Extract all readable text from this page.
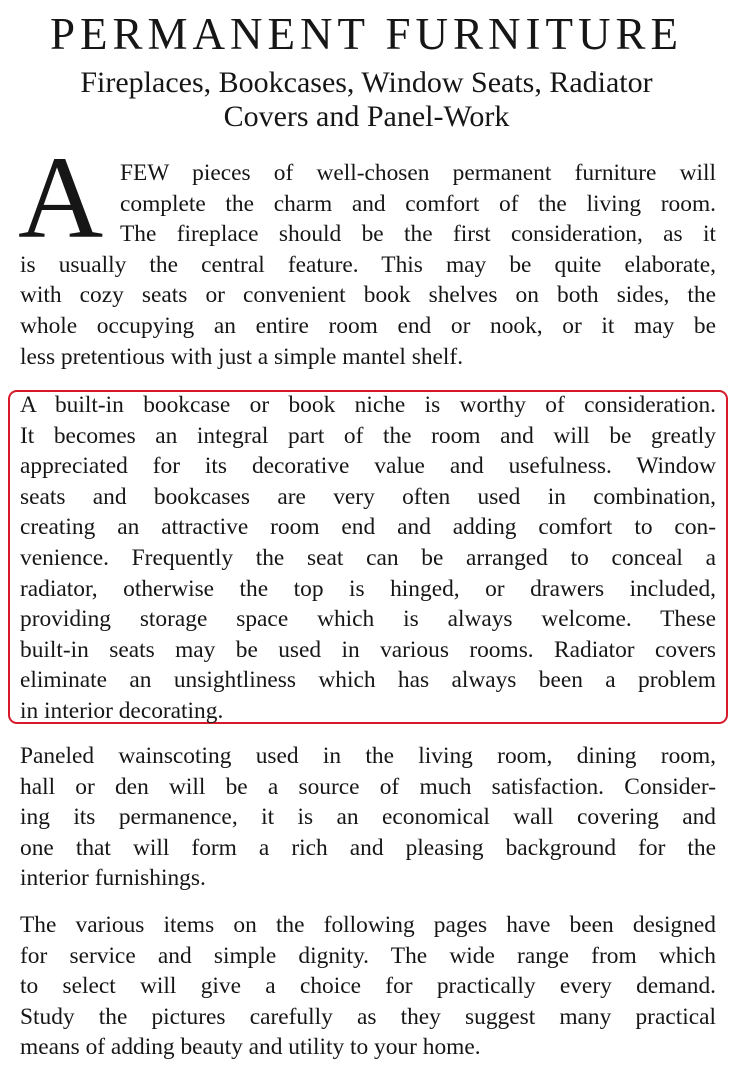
PERMANENT FURNITURE
Fireplaces, Bookcases, Window Seats, Radiator
Covers and Panel-Work
A FEW pieces of well-chosen permanent furniture will
complete the charm and comfort of the living room.
The fireplace should be the first consideration, as it
is usually the central feature. This may be quite elaborate,
with cozy seats or convenient book shelves on both sides, the
whole occupying an entire room end or nook, or it may be
less pretentious with just a simple mantel shelf.
A built-in bookcase or book niche is worthy of consideration.
It becomes an integral part of the room and will be greatly
appreciated for its decorative value and usefulness. Window
seats and bookcases are very often used in combination,
creating an attractive room end and adding comfort to con-
venience. Frequently the seat can be arranged to conceal a
radiator, otherwise the top is hinged, or drawers included,
providing storage space which is always welcome. These
built-in seats may be used in various rooms. Radiator covers
eliminate an unsightliness which has always been a problem
in interior decorating.
Paneled wainscoting used in the living room, dining room,
hall or den will be a source of much satisfaction. Consider-
ing its permanence, it is an economical wall covering and
one that will form a rich and pleasing background for the
interior furnishings.
The various items on the following pages have been designed
for service and simple dignity. The wide range from which
to select will give a choice for practically every demand.
Study the pictures carefully as they suggest many practical
means of adding beauty and utility to your home.
